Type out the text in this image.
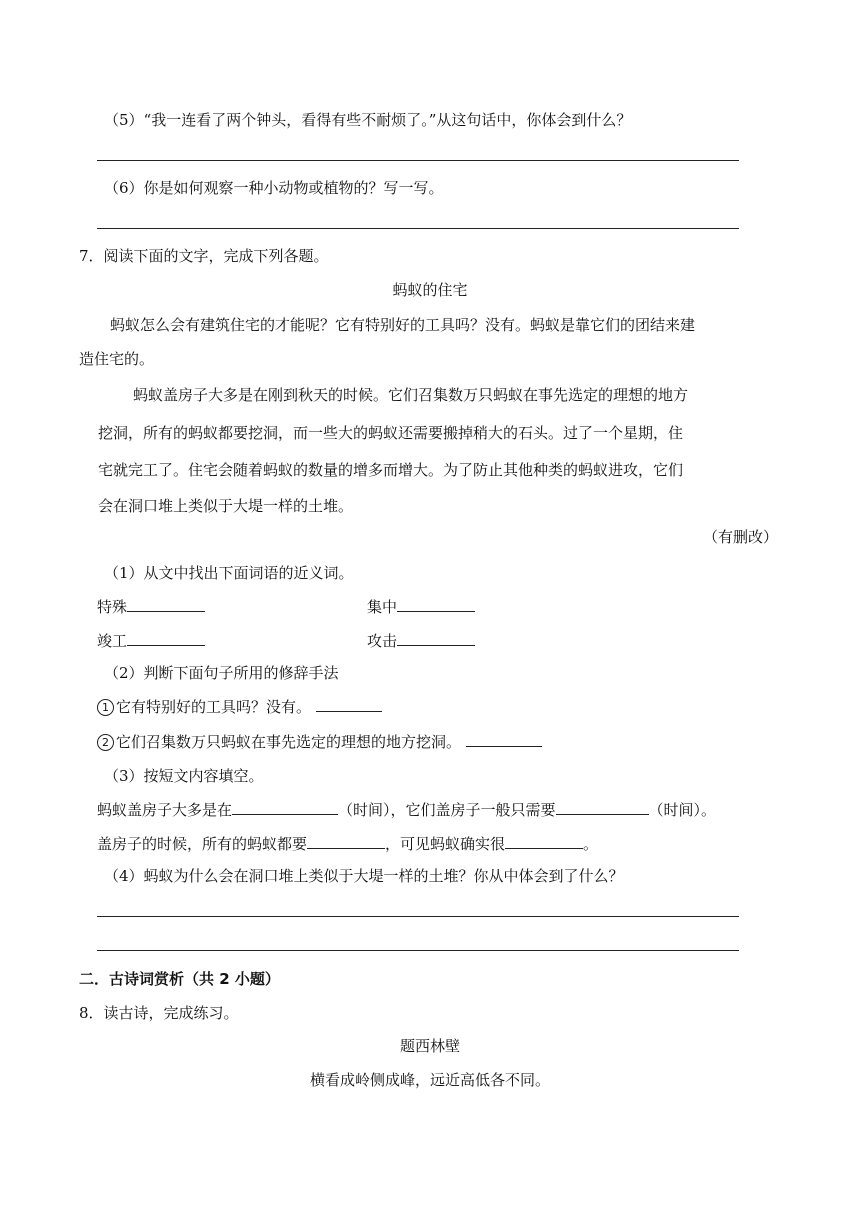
（5）“我一连看了两个钟头，看得有些不耐烦了。”从这句话中，你体会到什么？
（6）你是如何观察一种小动物或植物的？写一写。
7．阅读下面的文字，完成下列各题。
蚂蚁的住宅
蚂蚁怎么会有建筑住宅的才能呢？它有特别好的工具吗？没有。蚂蚁是靠它们的团结来建
造住宅的。
蚂蚁盖房子大多是在刚到秋天的时候。它们召集数万只蚂蚁在事先选定的理想的地方
挖洞，所有的蚂蚁都要挖洞，而一些大的蚂蚁还需要搬掉稍大的石头。过了一个星期，住
宅就完工了。住宅会随着蚂蚁的数量的增多而增大。为了防止其他种类的蚂蚁进攻，它们
会在洞口堆上类似于大堤一样的土堆。
（有删改）
（1）从文中找出下面词语的近义词。
特殊	集中
竣工	攻击
（2）判断下面句子所用的修辞手法
1 它有特别好的工具吗？没有。
2 它们召集数万只蚂蚁在事先选定的理想的地方挖洞。
（3）按短文内容填空。
蚂蚁盖房子大多是在	（时间），它们盖房子一般只需要	（时间）。
盖房子的时候，所有的蚂蚁都要	，可见蚂蚁确实很	。
（4）蚂蚁为什么会在洞口堆上类似于大堤一样的土堆？你从中体会到了什么？
二．古诗词赏析（共 2 小题）
8．读古诗，完成练习。
题西林壁
横看成岭侧成峰，远近高低各不同。
